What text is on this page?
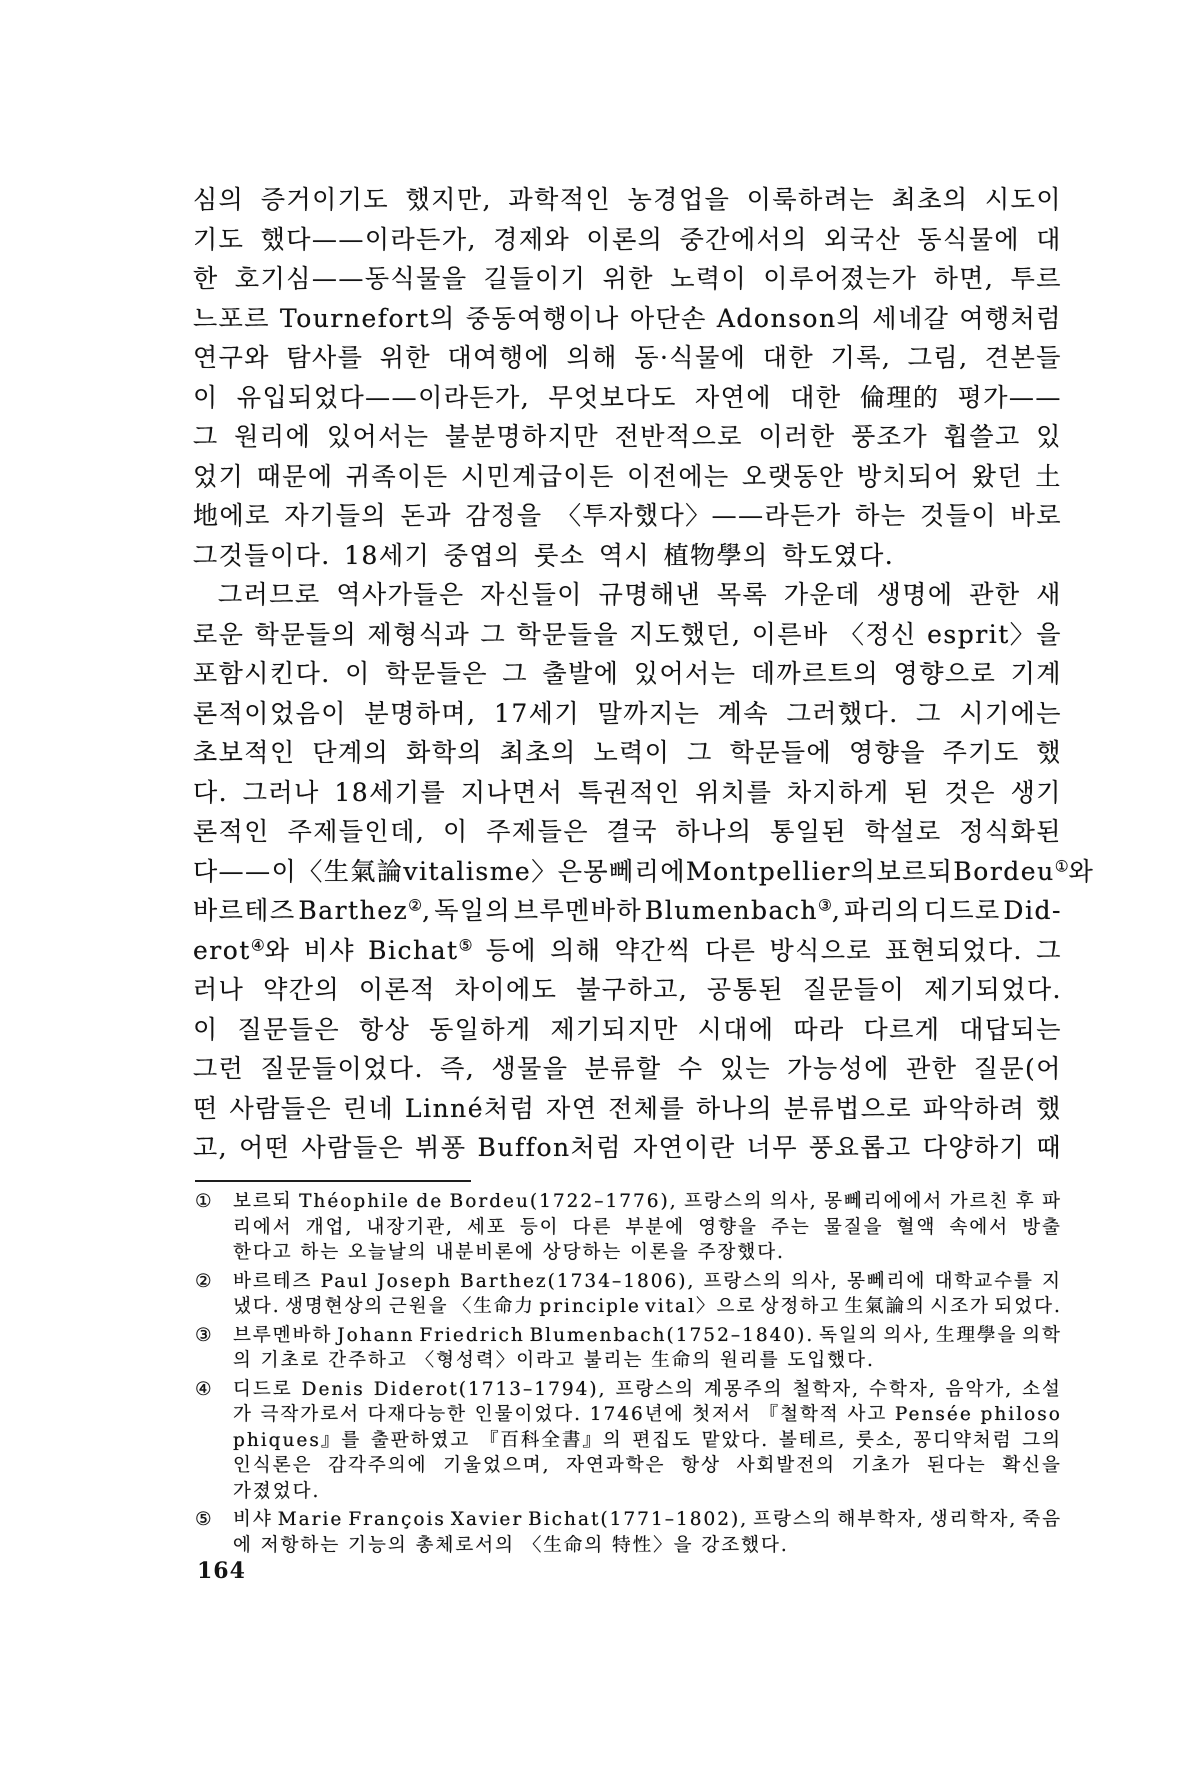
심의 증거이기도 했지만, 과학적인 농경업을 이룩하려는 최초의 시도이
기도 했다——이라든가, 경제와 이론의 중간에서의 외국산 동식물에 대
한 호기심——동식물을 길들이기 위한 노력이 이루어졌는가 하면, 투르
느포르 Tournefort의 중동여행이나 아단손 Adonson의 세네갈 여행처럼
연구와 탐사를 위한 대여행에 의해 동·식물에 대한 기록, 그림, 견본들
이 유입되었다——이라든가, 무엇보다도 자연에 대한 倫理的 평가——
그 원리에 있어서는 불분명하지만 전반적으로 이러한 풍조가 휩쓸고 있
었기 때문에 귀족이든 시민계급이든 이전에는 오랫동안 방치되어 왔던 土
地에로 자기들의 돈과 감정을 〈투자했다〉——라든가 하는 것들이 바로
그것들이다. 18세기 중엽의 룻소 역시 植物學의 학도였다.
그러므로 역사가들은 자신들이 규명해낸 목록 가운데 생명에 관한 새
로운 학문들의 제형식과 그 학문들을 지도했던, 이른바 〈정신 esprit〉을
포함시킨다. 이 학문들은 그 출발에 있어서는 데까르트의 영향으로 기계
론적이었음이 분명하며, 17세기 말까지는 계속 그러했다. 그 시기에는
초보적인 단계의 화학의 최초의 노력이 그 학문들에 영향을 주기도 했
다. 그러나 18세기를 지나면서 특권적인 위치를 차지하게 된 것은 생기
론적인 주제들인데, 이 주제들은 결국 하나의 통일된 학설로 정식화된
다——이 〈生氣論 vitalisme〉은 몽뻬리에 Montpellier의 보르되 Bordeu①와
바르테즈 Barthez②, 독일의 브루멘바하 Blumenbach③, 파리의 디드로 Did-
erot④와 비샤 Bichat⑤ 등에 의해 약간씩 다른 방식으로 표현되었다. 그
러나 약간의 이론적 차이에도 불구하고, 공통된 질문들이 제기되었다.
이 질문들은 항상 동일하게 제기되지만 시대에 따라 다르게 대답되는
그런 질문들이었다. 즉, 생물을 분류할 수 있는 가능성에 관한 질문(어
떤 사람들은 린네 Linné처럼 자연 전체를 하나의 분류법으로 파악하려 했
고, 어떤 사람들은 뷔퐁 Buffon처럼 자연이란 너무 풍요롭고 다양하기 때
①	보르되 Théophile de Bordeu(1722–1776), 프랑스의 의사, 몽뻬리에에서 가르친 후 파
리에서 개업, 내장기관, 세포 등이 다른 부분에 영향을 주는 물질을 혈액 속에서 방출
한다고 하는 오늘날의 내분비론에 상당하는 이론을 주장했다.
②	바르테즈 Paul Joseph Barthez(1734–1806), 프랑스의 의사, 몽뻬리에 대학교수를 지
냈다. 생명현상의 근원을 〈生命力 principle vital〉으로 상정하고 生氣論의 시조가 되었다.
③	브루멘바하 Johann Friedrich Blumenbach(1752–1840). 독일의 의사, 生理學을 의학
의 기초로 간주하고 〈형성력〉이라고 불리는 生命의 원리를 도입했다.
④	디드로 Denis Diderot(1713–1794), 프랑스의 계몽주의 철학자, 수학자, 음악가, 소설
가 극작가로서 다재다능한 인물이었다. 1746년에 첫저서 『철학적 사고 Pensée philoso
phiques』를 출판하였고 『百科全書』의 편집도 맡았다. 볼테르, 룻소, 꽁디약처럼 그의
인식론은 감각주의에 기울었으며, 자연과학은 항상 사회발전의 기초가 된다는 확신을
가졌었다.
⑤	비샤 Marie François Xavier Bichat(1771–1802), 프랑스의 해부학자, 생리학자, 죽음
에 저항하는 기능의 총체로서의 〈生命의 特性〉을 강조했다.
164
